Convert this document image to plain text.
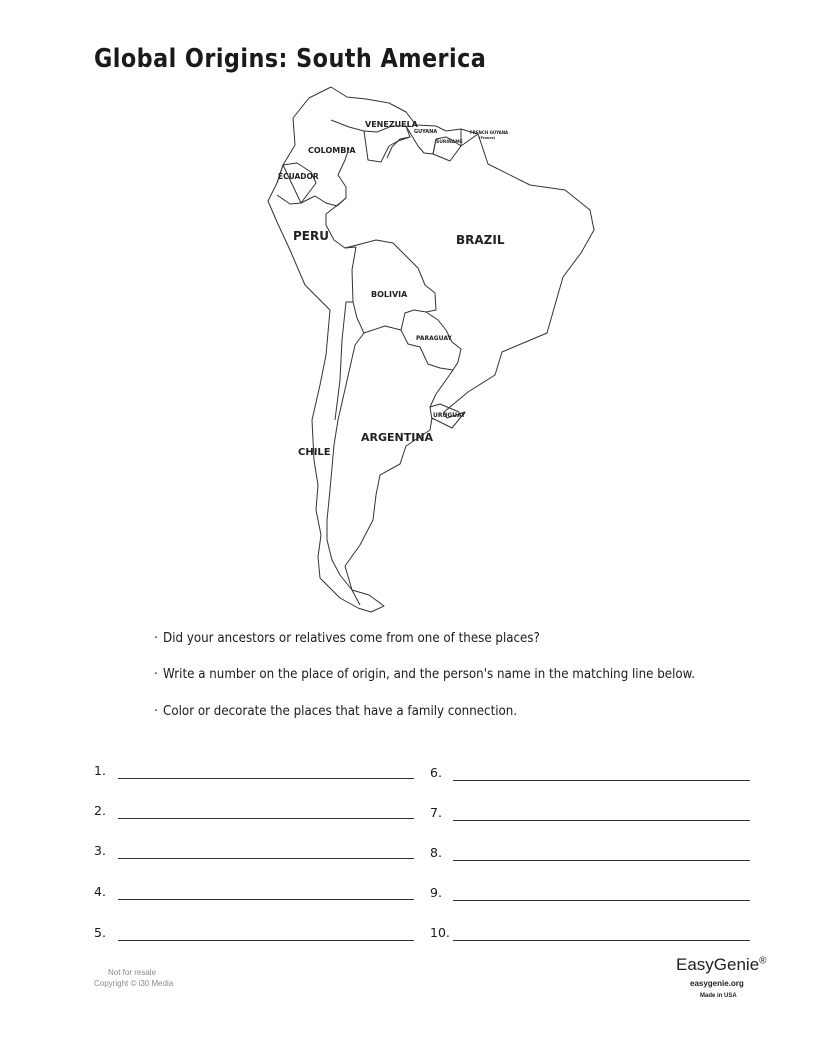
Global Origins: South America
VENEZUELA
GUYANA
SURINAME
FRENCH GUYANA
(France)
COLOMBIA
ECUADOR
PERU	BRAZIL
BOLIVIA
PARAGUAY
URUGUAY
CHILE
ARGENTINA
· Did your ancestors or relatives come from one of these places?
· Write a number on the place of origin, and the person's name in the matching line below.
· Color or decorate the places that have a family connection.
1.
2.
3.
4.
5.
6.
7.
8.
9.
10.
Not for resale
Copyright © i30 Media
EasyGenie®
easygenie.org
Made in USA
